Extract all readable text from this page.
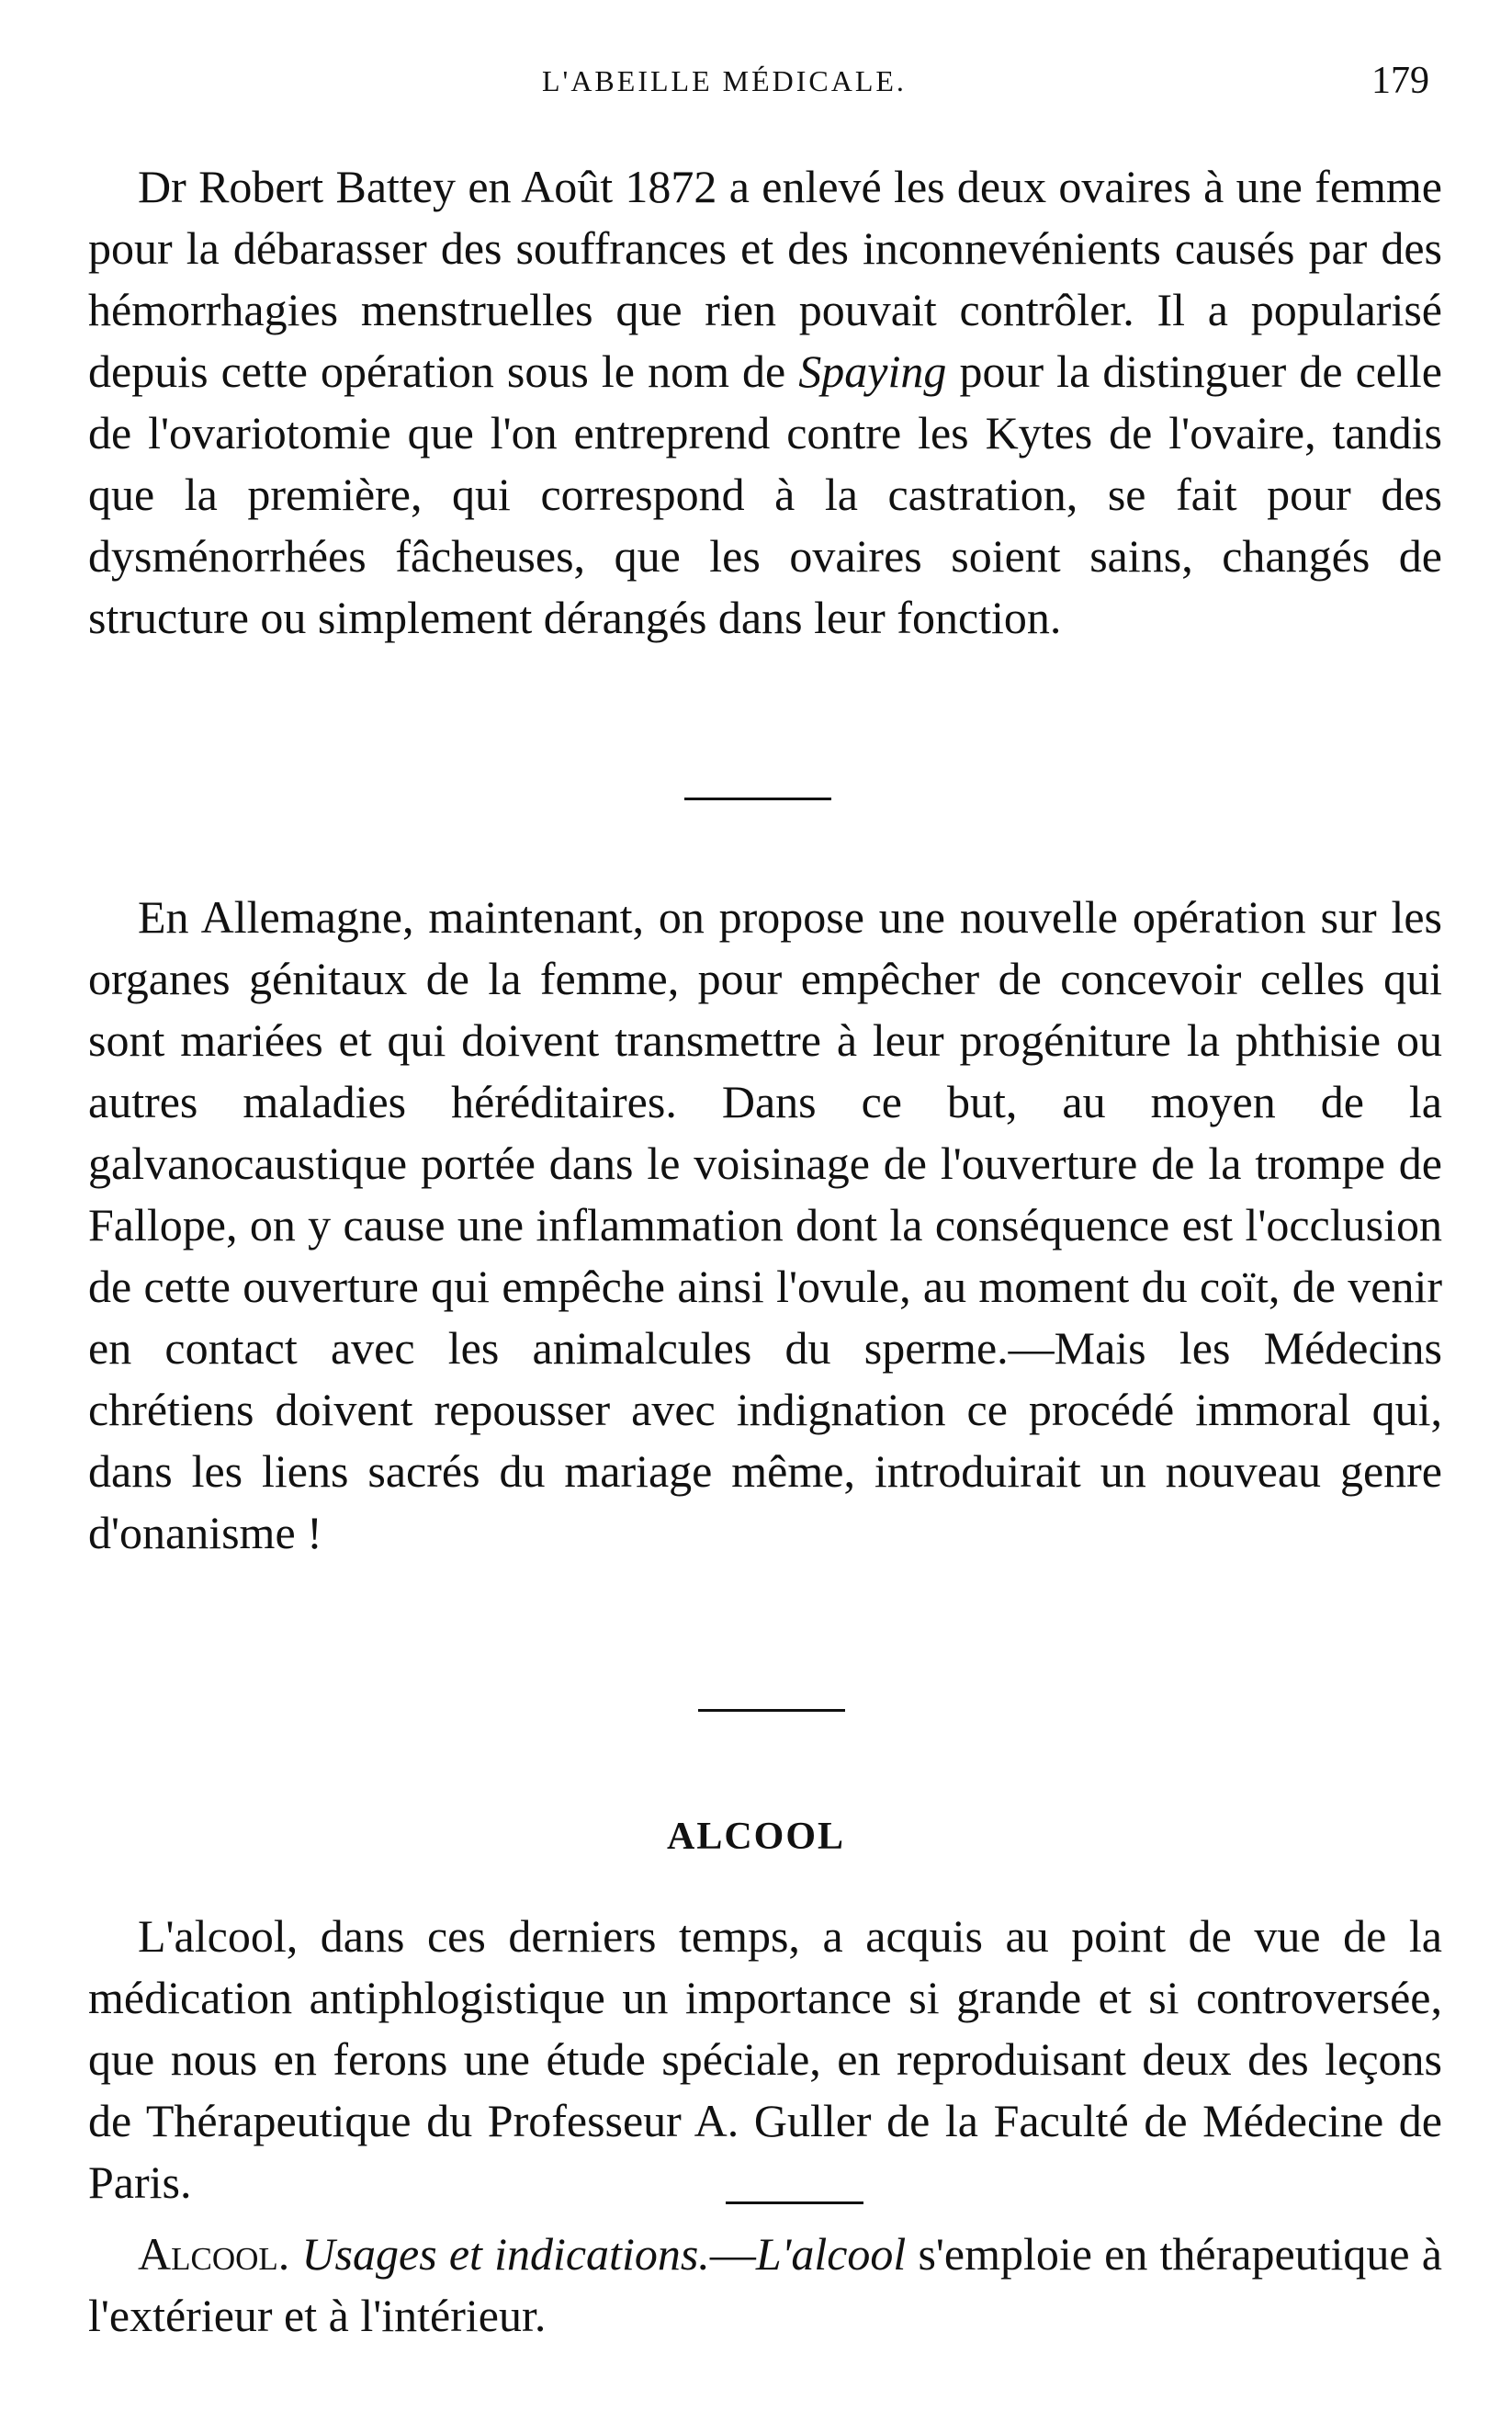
L'ABEILLE MÉDICALE.	179

Dr Robert Battey en Août 1872 a enlevé les deux ovaires à une femme pour la débarasser des souffrances et des inconnevénients causés par des hémorrhagies menstruelles que rien pouvait contrôler. Il a popularisé depuis cette opération sous le nom de Spaying pour la distinguer de celle de l'ovariotomie que l'on entreprend contre les Kytes de l'ovaire, tandis que la première, qui correspond à la castration, se fait pour des dysménorrhées fâcheuses, que les ovaires soient sains, changés de structure ou simplement dérangés dans leur fonction.

En Allemagne, maintenant, on propose une nouvelle opération sur les organes génitaux de la femme, pour empêcher de concevoir celles qui sont mariées et qui doivent transmettre à leur progéniture la phthisie ou autres maladies héréditaires. Dans ce but, au moyen de la galvanocaustique portée dans le voisinage de l'ouverture de la trompe de Fallope, on y cause une inflammation dont la conséquence est l'occlusion de cette ouverture qui empêche ainsi l'ovule, au moment du coït, de venir en contact avec les animalcules du sperme.—Mais les Médecins chrétiens doivent repousser avec indignation ce procédé immoral qui, dans les liens sacrés du mariage même, introduirait un nouveau genre d'onanisme !

ALCOOL

L'alcool, dans ces derniers temps, a acquis au point de vue de la médication antiphlogistique un importance si grande et si controversée, que nous en ferons une étude spéciale, en reproduisant deux des leçons de Thérapeutique du Professeur A. Guller de la Faculté de Médecine de Paris.

Alcool. Usages et indications.—L'alcool s'emploie en thérapeutique à l'extérieur et à l'intérieur.
